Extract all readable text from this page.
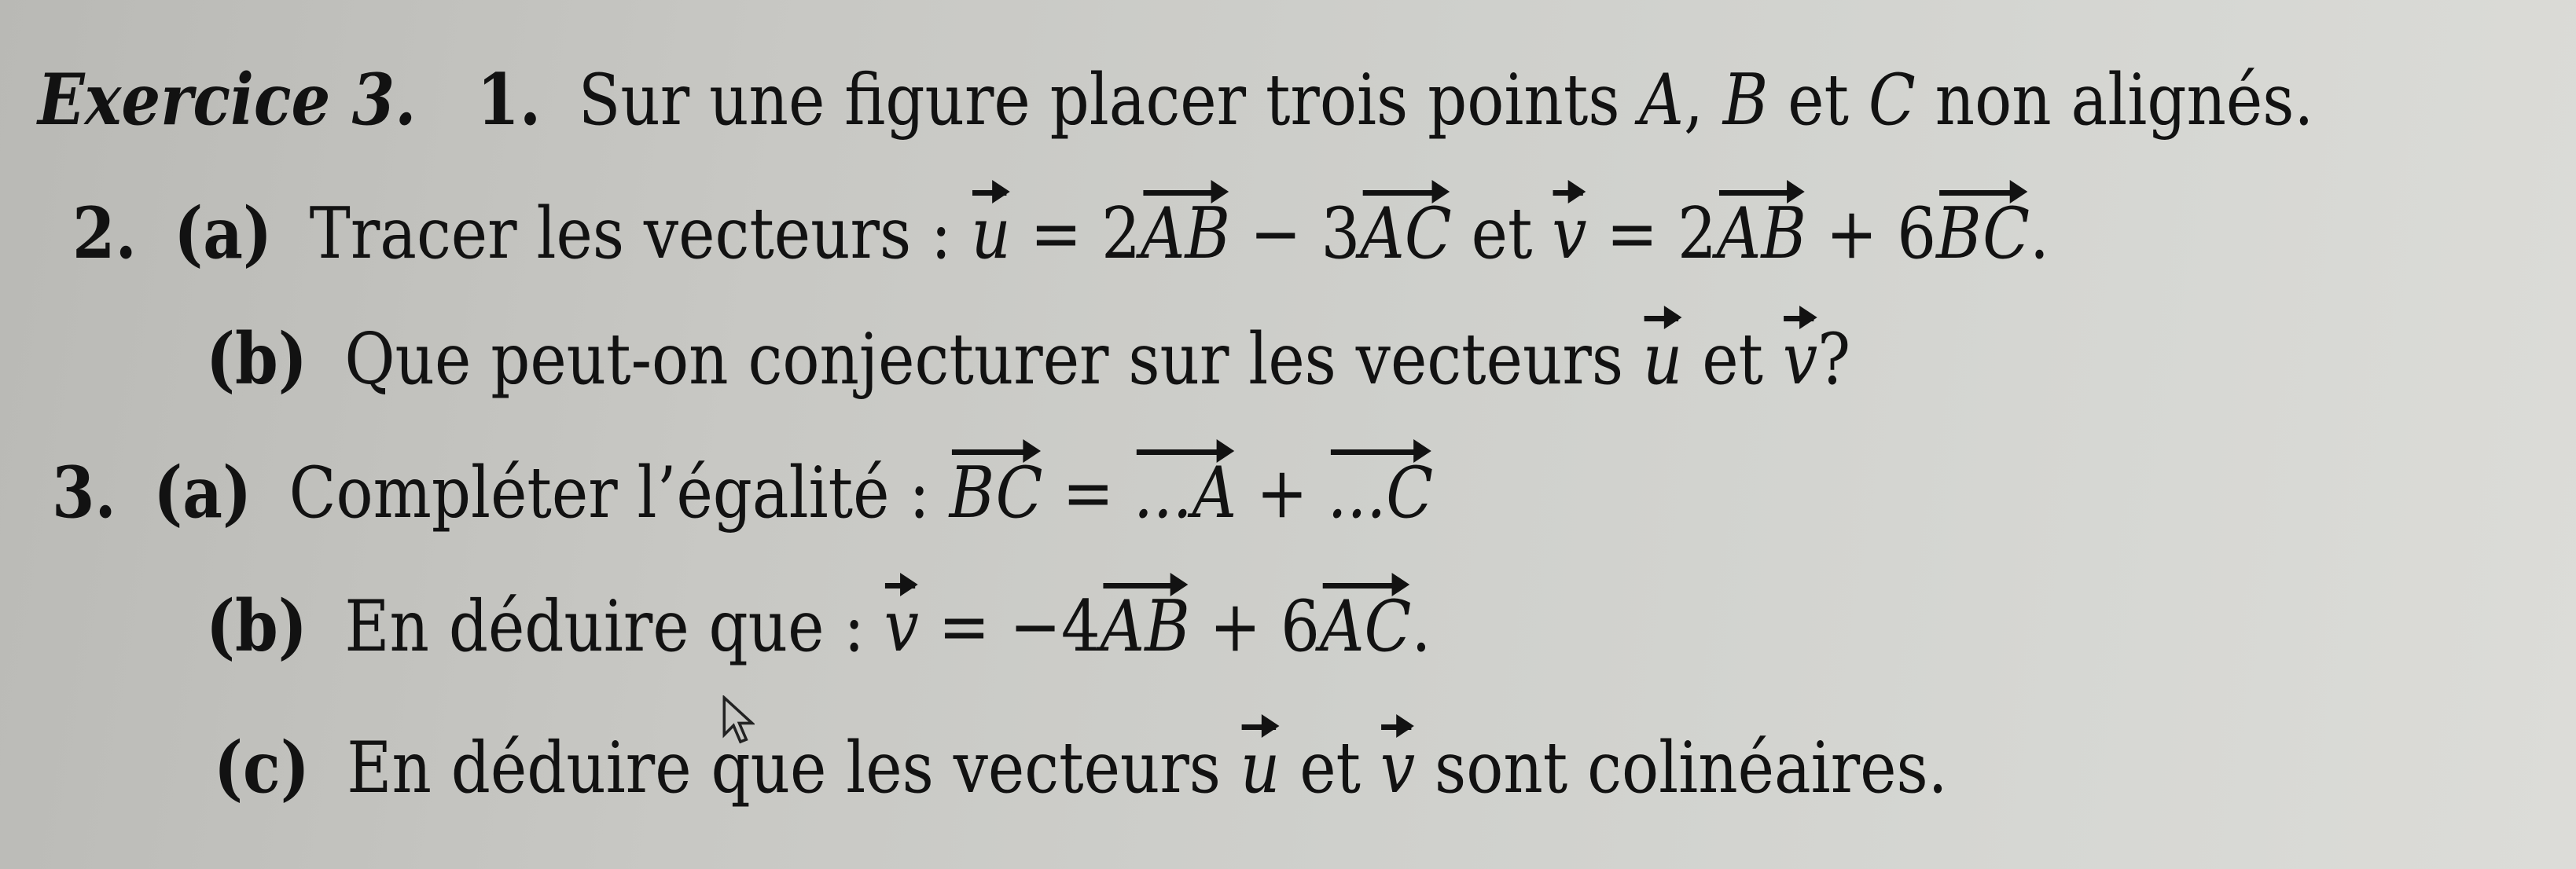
Exercice 3. 1. Sur une figure placer trois points A, B et C non alignés.
2. (a) Tracer les vecteurs : u = 2AB − 3AC et v = 2AB + 6BC.
(b) Que peut-on conjecturer sur les vecteurs u et v?
3. (a) Compléter l’égalité : BC = ...A + ...C
(b) En déduire que : v = −4AB + 6AC.
(c) En déduire que les vecteurs u et v sont colinéaires.
